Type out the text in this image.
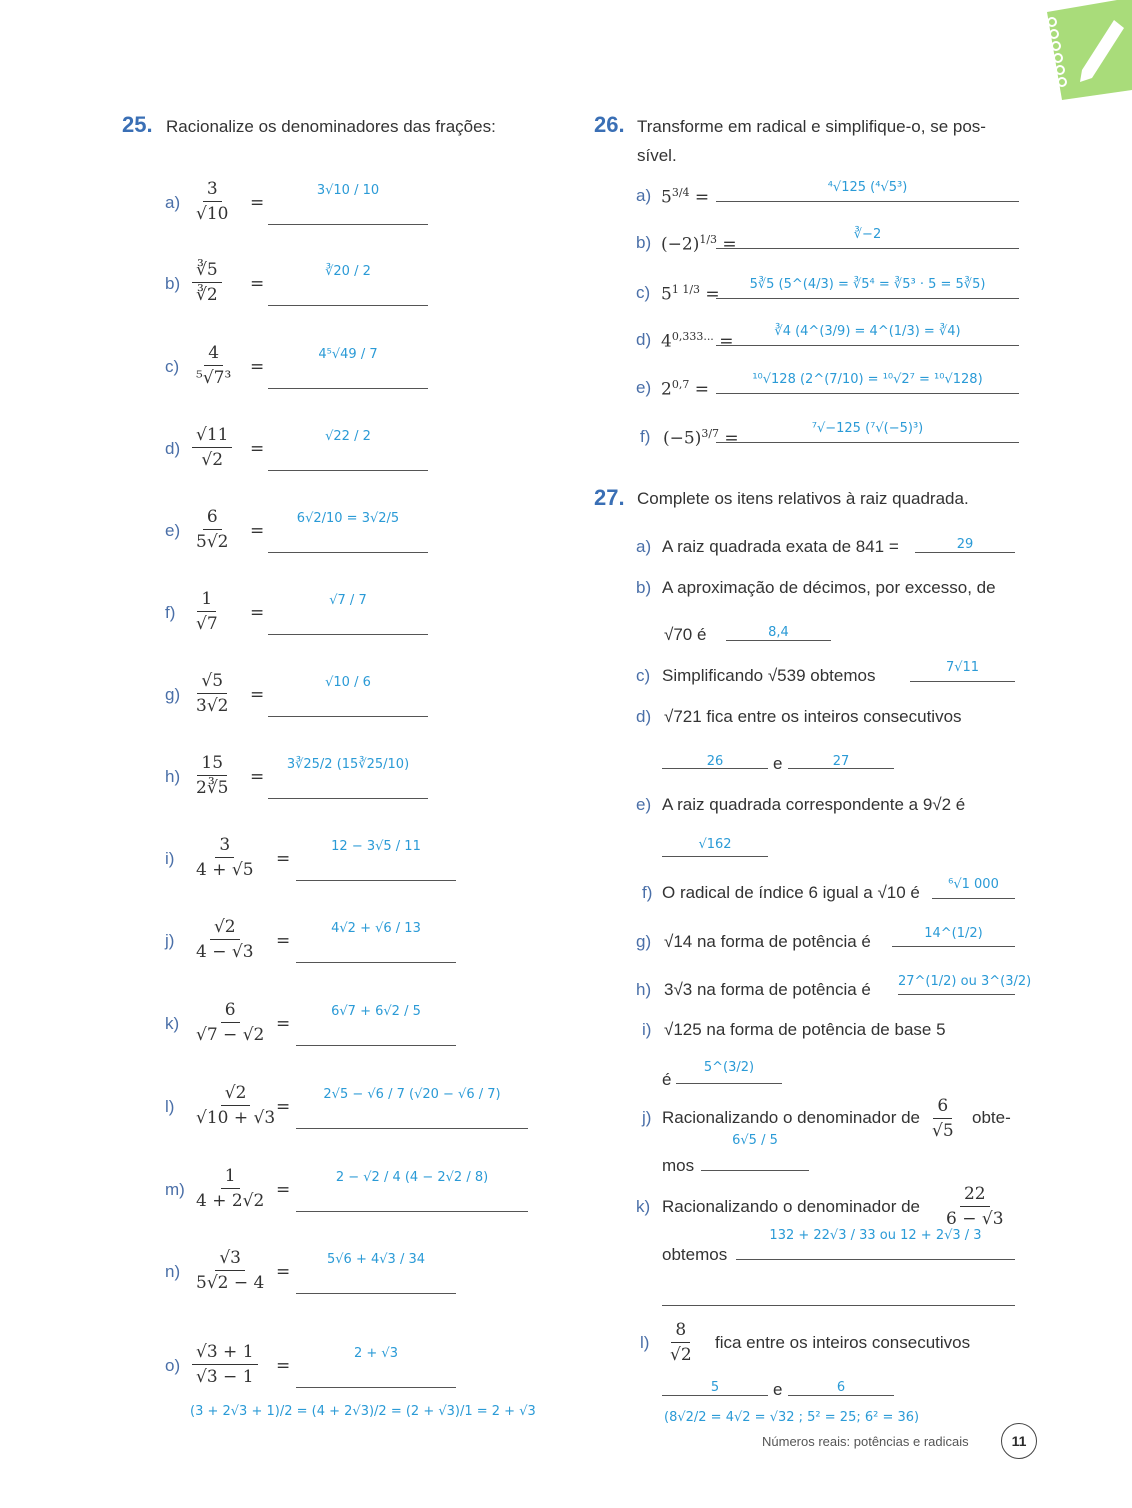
25. Racionalize os denominadores das frações:
$a) \frac{3}{√10}$ =
3√10 / 10
$b) \frac{∛5}{∛2}$ =
∛20 / 2
$c) \frac{4}{\text{⁵√7³}}$ =
4⁵√49 / 7
$d) \frac{√11}{√2}$ =
√22 / 2
$e) \frac{6}{5√2}$ =
6√2/10 = 3√2/5
$f) \frac{1}{√7}$ =
√7 / 7
$g) \frac{√5}{3√2}$ =
√10 / 6
$h) \frac{15}{2∛5}$ =
3∛25/2 (15∛25/10)
$i) \frac{3}{4 + √5}$ =
12 − 3√5 / 11
$j) \frac{√2}{4 - √3}$ =
4√2 + √6 / 13
$k) \frac{6}{√7 - √2}$ =
6√7 + 6√2 / 5
$l) \frac{√2}{√10 + √3}$
=
2√5 − √6 / 7 (√20 − √6 / 7)
$m) \frac{1}{4 + 2√2}$ =
2 − √2 / 4 (4 − 2√2 / 8)
$n) \frac{√3}{5√2 - 4}$ =
5√6 + 4√3 / 34
$o) \frac{√3 + 1}{√3 - 1}$ =
2 + √3
(3 + 2√3 + 1)/2 = (4 + 2√3)/2 = (2 + √3)/1 = 2 + √3
26. Transforme em radical e simplifique-o, se pos-
sível.
a) $5^{3/4}$ =
⁴√125 (⁴√5³)
b) $(-2)^{1/3}$ =
∛−2
c) $5^{1 1/3}$ =
5∛5 (5^(4/3) = ∛5⁴ = ∛5³ · 5 = 5∛5)
d) $4^{0,333...}$ =
∛4 (4^(3/9) = 4^(1/3) = ∛4)
e) $2^{0,7}$ =
¹⁰√128 (2^(7/10) = ¹⁰√2⁷ = ¹⁰√128)
f) $(-5)^{3/7}$ =
⁷√−125 (⁷√(−5)³)
27. Complete os itens relativos à raiz quadrada.
a) A raiz quadrada exata de 841 =	29
b) A aproximação de décimos, por excesso, de
√70 é	8,4
c) Simplificando √539 obtemos	7√11
d) √721 fica entre os inteiros consecutivos
26	e	27
e) A raiz quadrada correspondente a 9√2 é
√162
f) O radical de índice 6 igual a √10 é	⁶√1 000
g) √14 na forma de potência é	14^(1/2)
h) 3√3 na forma de potência é 27^(1/2) ou 3^(3/2)
i) √125 na forma de potência de base 5
é
5^(3/2)
j) Racionalizando o denominador de $\frac{6}{√5}$ obte-
mos
6√5 / 5
k) Racionalizando o denominador de $\frac{22}{6 - √3}$
obtemos
132 + 22√3 / 33 ou 12 + 2√3 / 3
$l) \frac{8}{√2}$ fica entre os inteiros consecutivos
5	e	6
(8√2/2 = 4√2 = √32 ; 5² = 25; 6² = 36)
Números reais: potências e radicais	11
